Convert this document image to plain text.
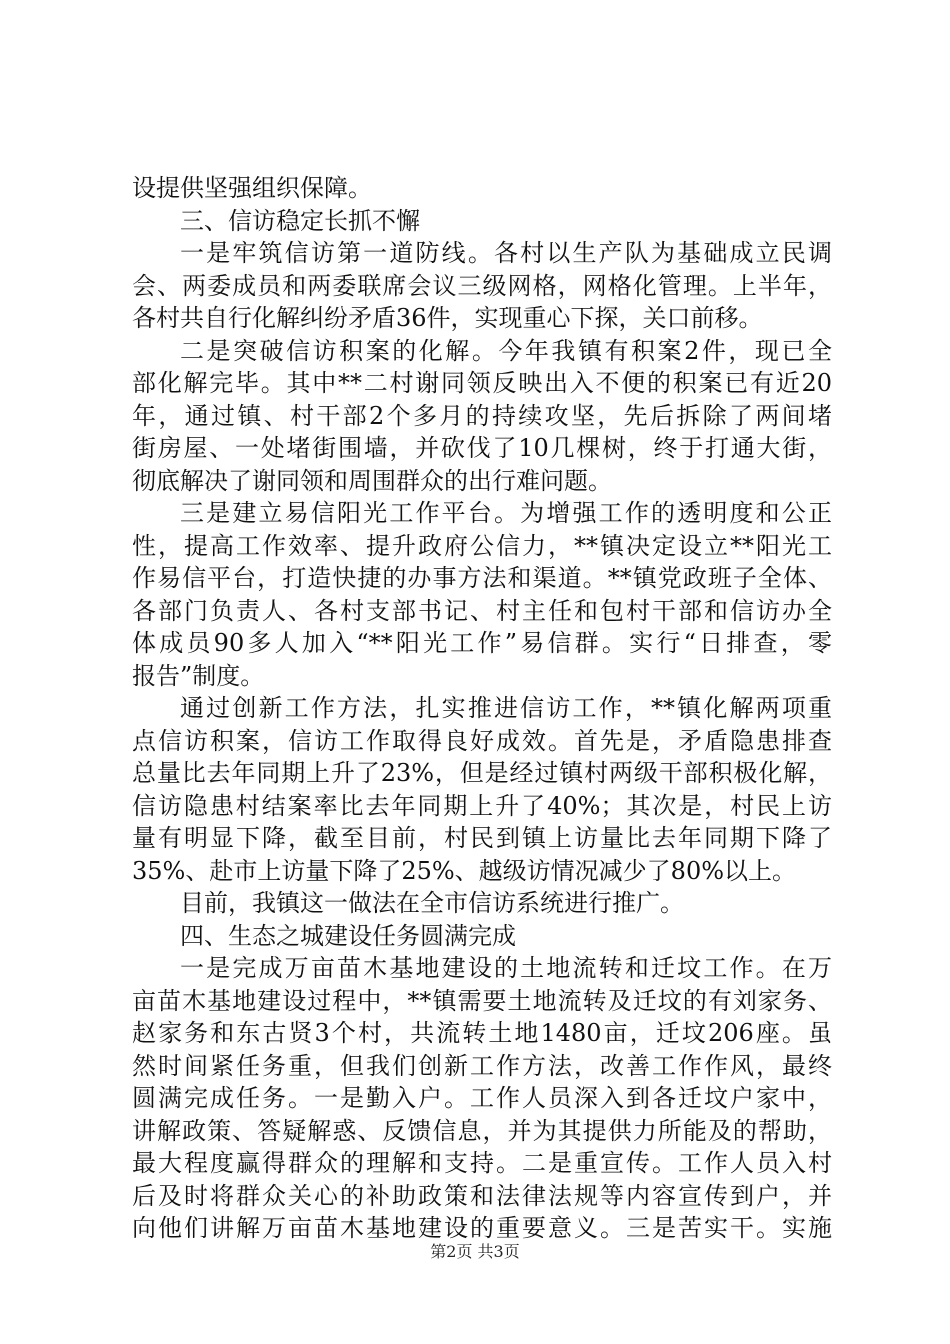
设提供坚强组织保障。
三、信访稳定长抓不懈
一是牢筑信访第一道防线。各村以生产队为基础成立民调
会、两委成员和两委联席会议三级网格，网格化管理。上半年，
各村共自行化解纠纷矛盾36件，实现重心下探，关口前移。
二是突破信访积案的化解。今年我镇有积案2件，现已全
部化解完毕。其中**二村谢同领反映出入不便的积案已有近20
年，通过镇、村干部2个多月的持续攻坚，先后拆除了两间堵
街房屋、一处堵街围墙，并砍伐了10几棵树，终于打通大街，
彻底解决了谢同领和周围群众的出行难问题。
三是建立易信阳光工作平台。为增强工作的透明度和公正
性，提高工作效率、提升政府公信力，**镇决定设立**阳光工
作易信平台，打造快捷的办事方法和渠道。**镇党政班子全体、
各部门负责人、各村支部书记、村主任和包村干部和信访办全
体成员90多人加入“**阳光工作”易信群。实行“日排查，零
报告”制度。
通过创新工作方法，扎实推进信访工作，**镇化解两项重
点信访积案，信访工作取得良好成效。首先是，矛盾隐患排查
总量比去年同期上升了23%，但是经过镇村两级干部积极化解，
信访隐患村结案率比去年同期上升了40%；其次是，村民上访
量有明显下降，截至目前，村民到镇上访量比去年同期下降了
35%、赴市上访量下降了25%、越级访情况减少了80%以上。
目前，我镇这一做法在全市信访系统进行推广。
四、生态之城建设任务圆满完成
一是完成万亩苗木基地建设的土地流转和迁坟工作。在万
亩苗木基地建设过程中，**镇需要土地流转及迁坟的有刘家务、
赵家务和东古贤3个村，共流转土地1480亩，迁坟206座。虽
然时间紧任务重，但我们创新工作方法，改善工作作风，最终
圆满完成任务。一是勤入户。工作人员深入到各迁坟户家中，
讲解政策、答疑解惑、反馈信息，并为其提供力所能及的帮助，
最大程度赢得群众的理解和支持。二是重宣传。工作人员入村
后及时将群众关心的补助政策和法律法规等内容宣传到户，并
向他们讲解万亩苗木基地建设的重要意义。三是苦实干。实施
第2页 共3页
